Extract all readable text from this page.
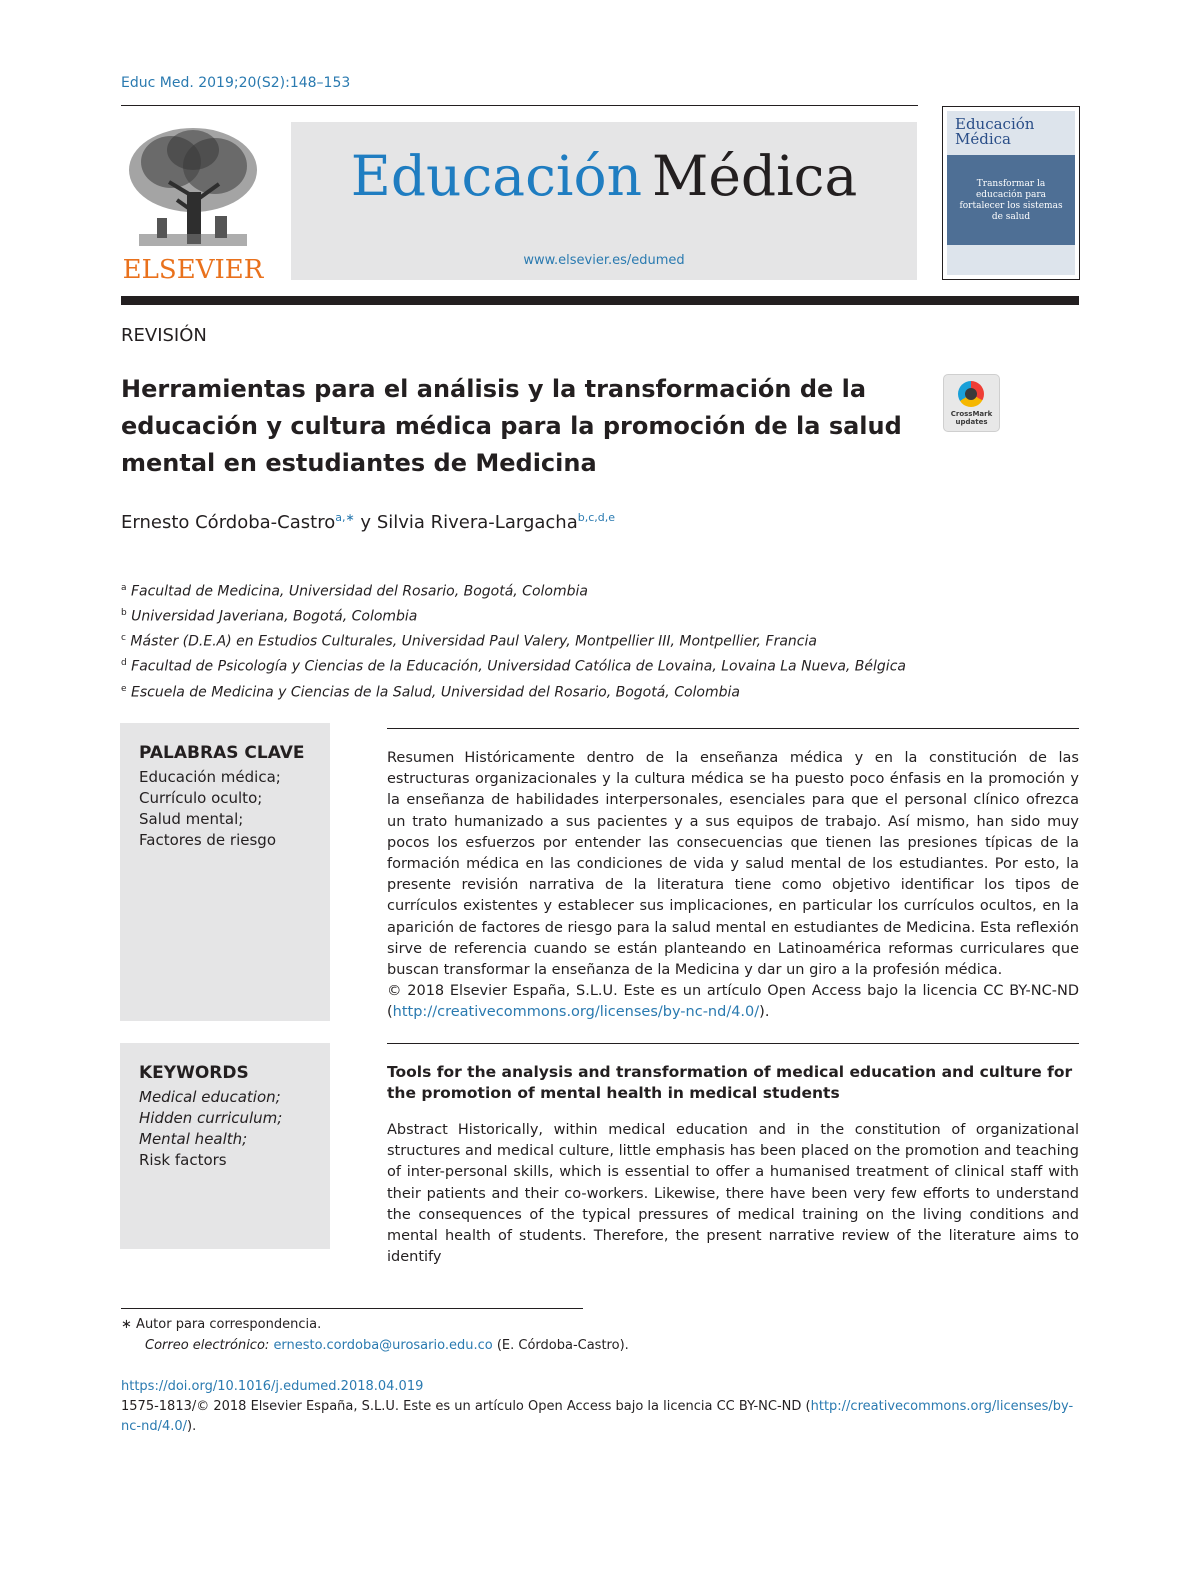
Educ Med. 2019;20(S2):148–153
ELSEVIER
Educación Médica
www.elsevier.es/edumed
Educación
Médica
Transformar la educación para fortalecer los sistemas de salud
REVISIÓN
Herramientas para el análisis y la transformación de la educación y cultura médica para la promoción de la salud mental en estudiantes de Medicina
CrossMark updates
Ernesto Córdoba-Castro$^{a,∗}$ y Silvia Rivera-Largacha$^{b,c,d,e}$
$^a$ Facultad de Medicina, Universidad del Rosario, Bogotá, Colombia
$^b$ Universidad Javeriana, Bogotá, Colombia
$^c$ Máster (D.E.A) en Estudios Culturales, Universidad Paul Valery, Montpellier III, Montpellier, Francia
$^d$ Facultad de Psicología y Ciencias de la Educación, Universidad Católica de Lovaina, Lovaina La Nueva, Bélgica
$^e$ Escuela de Medicina y Ciencias de la Salud, Universidad del Rosario, Bogotá, Colombia
PALABRAS CLAVE
Educación médica;
Currículo oculto;
Salud mental;
Factores de riesgo
Resumen Históricamente dentro de la enseñanza médica y en la constitución de las estructuras organizacionales y la cultura médica se ha puesto poco énfasis en la promoción y la enseñanza de habilidades interpersonales, esenciales para que el personal clínico ofrezca un trato humanizado a sus pacientes y a sus equipos de trabajo. Así mismo, han sido muy pocos los esfuerzos por entender las consecuencias que tienen las presiones típicas de la formación médica en las condiciones de vida y salud mental de los estudiantes. Por esto, la presente revisión narrativa de la literatura tiene como objetivo identificar los tipos de currículos existentes y establecer sus implicaciones, en particular los currículos ocultos, en la aparición de factores de riesgo para la salud mental en estudiantes de Medicina. Esta reflexión sirve de referencia cuando se están planteando en Latinoamérica reformas curriculares que buscan transformar la enseñanza de la Medicina y dar un giro a la profesión médica.
© 2018 Elsevier España, S.L.U. Este es un artículo Open Access bajo la licencia CC BY-NC-ND (http://creativecommons.org/licenses/by-nc-nd/4.0/).
KEYWORDS
Medical education;
Hidden curriculum;
Mental health;
Risk factors
Tools for the analysis and transformation of medical education and culture for the promotion of mental health in medical students
Abstract Historically, within medical education and in the constitution of organizational structures and medical culture, little emphasis has been placed on the promotion and teaching of inter-personal skills, which is essential to offer a humanised treatment of clinical staff with their patients and their co-workers. Likewise, there have been very few efforts to understand the consequences of the typical pressures of medical training on the living conditions and mental health of students. Therefore, the present narrative review of the literature aims to identify
∗ Autor para correspondencia.
Correo electrónico: ernesto.cordoba@urosario.edu.co (E. Córdoba-Castro).
https://doi.org/10.1016/j.edumed.2018.04.019
1575-1813/© 2018 Elsevier España, S.L.U. Este es un artículo Open Access bajo la licencia CC BY-NC-ND (http://creativecommons.org/licenses/by-nc-nd/4.0/).
